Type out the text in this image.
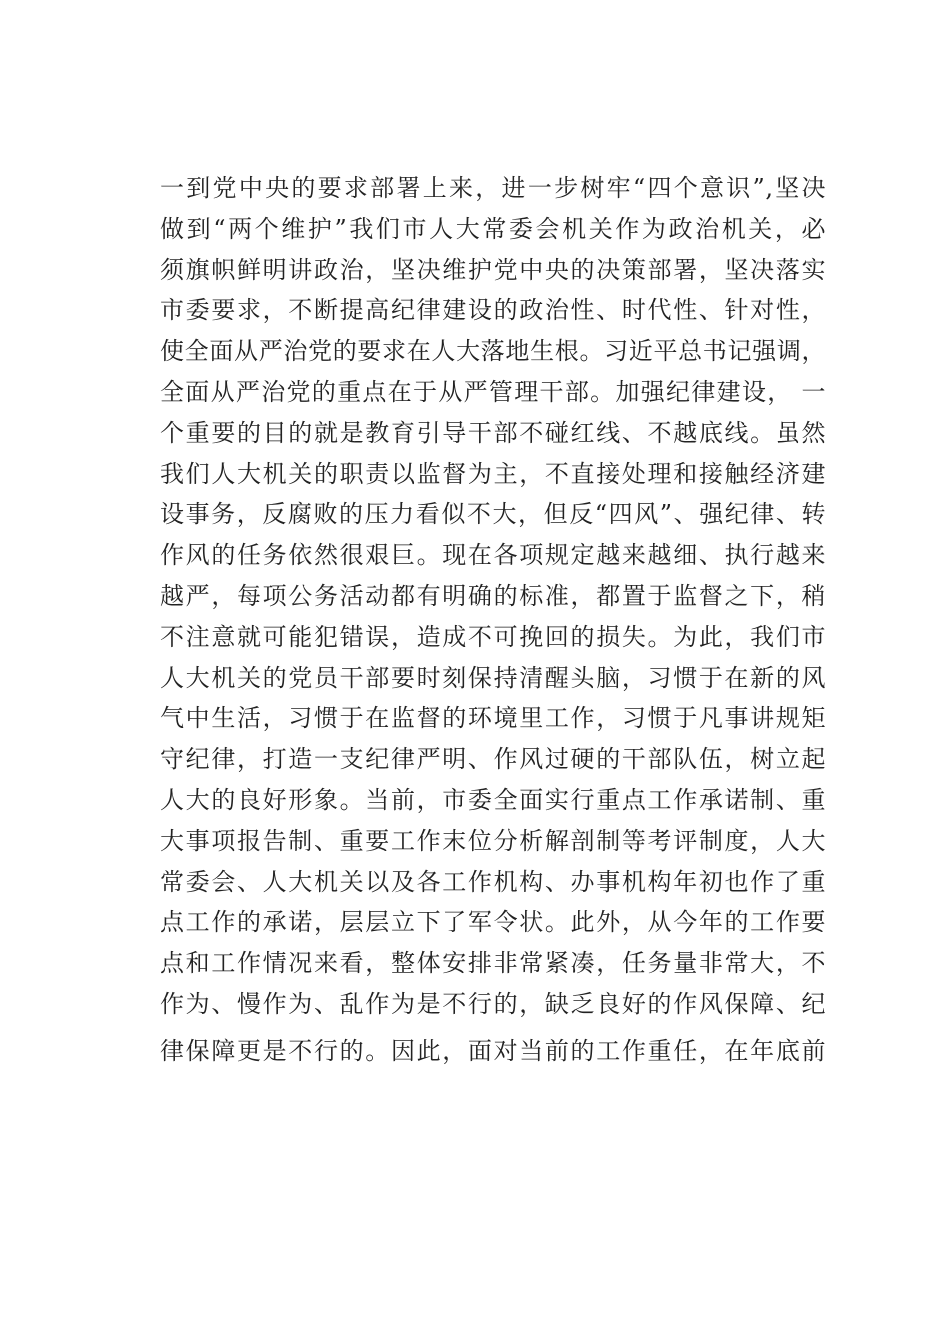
一到党中央的要求部署上来，进一步树牢“四个意识”,坚决
做到“两个维护”我们市人大常委会机关作为政治机关，必
须旗帜鲜明讲政治，坚决维护党中央的决策部署，坚决落实
市委要求，不断提高纪律建设的政治性、时代性、针对性，
使全面从严治党的要求在人大落地生根。习近平总书记强调，
全面从严治党的重点在于从严管理干部。加强纪律建设， 一
个重要的目的就是教育引导干部不碰红线、不越底线。虽然
我们人大机关的职责以监督为主，不直接处理和接触经济建
设事务，反腐败的压力看似不大，但反“四风”、强纪律、转
作风的任务依然很艰巨。现在各项规定越来越细、执行越来
越严，每项公务活动都有明确的标准，都置于监督之下，稍
不注意就可能犯错误，造成不可挽回的损失。为此，我们市
人大机关的党员干部要时刻保持清醒头脑，习惯于在新的风
气中生活，习惯于在监督的环境里工作，习惯于凡事讲规矩
守纪律，打造一支纪律严明、作风过硬的干部队伍，树立起
人大的良好形象。当前，市委全面实行重点工作承诺制、重
大事项报告制、重要工作末位分析解剖制等考评制度，人大
常委会、人大机关以及各工作机构、办事机构年初也作了重
点工作的承诺，层层立下了军令状。此外，从今年的工作要
点和工作情况来看，整体安排非常紧凑，任务量非常大，不
作为、慢作为、乱作为是不行的，缺乏良好的作风保障、纪
律保障更是不行的。因此，面对当前的工作重任，在年底前
